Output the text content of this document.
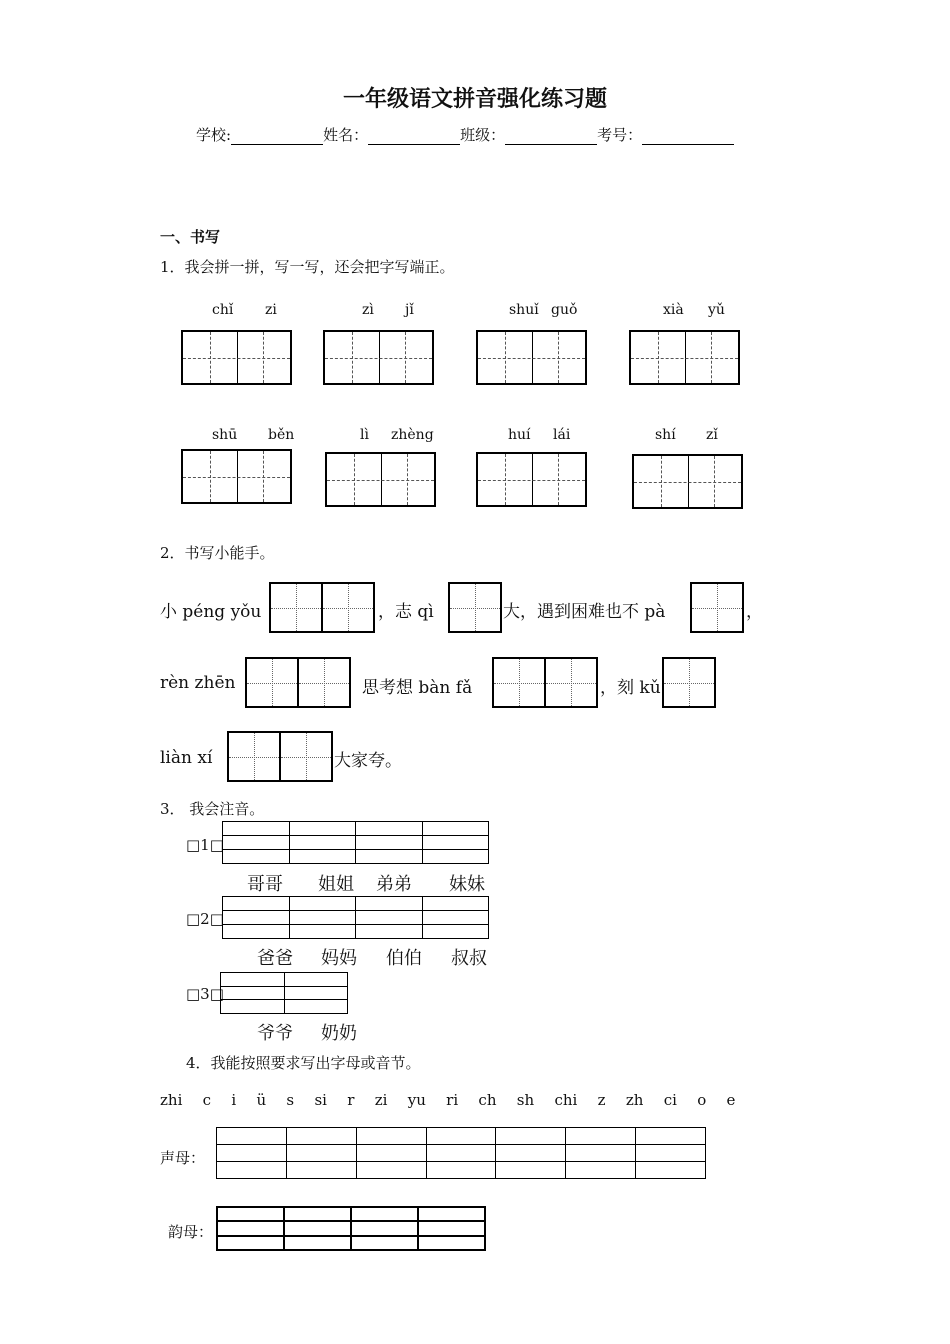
一年级语文拼音强化练习题
学校:	姓名：	班级：	考号：
一、书写
1．我会拼一拼，写一写，还会把字写端正。
chǐ zi	zì jǐ	shuǐ guǒ	xià yǔ
shū běn	lì zhèng	huí lái	shí zǐ
2．书写小能手。
小 péng yǒu	，志 qì	大，遇到困难也不 pà	，
rèn zhēn	思考想 bàn fǎ	，刻 kǔ
liàn xí	大家夸。
3． 我会注音。
□1□

哥哥 姐姐 弟弟 妹妹
□2□

爸爸 妈妈 伯伯 叔叔
□3□

爷爷 奶奶
4．我能按照要求写出字母或音节。
zhi   c   i   ü   s   si   r   zi   yu   ri   ch   sh   chi   z   zh   ci   o   e
声母：

韵母：
